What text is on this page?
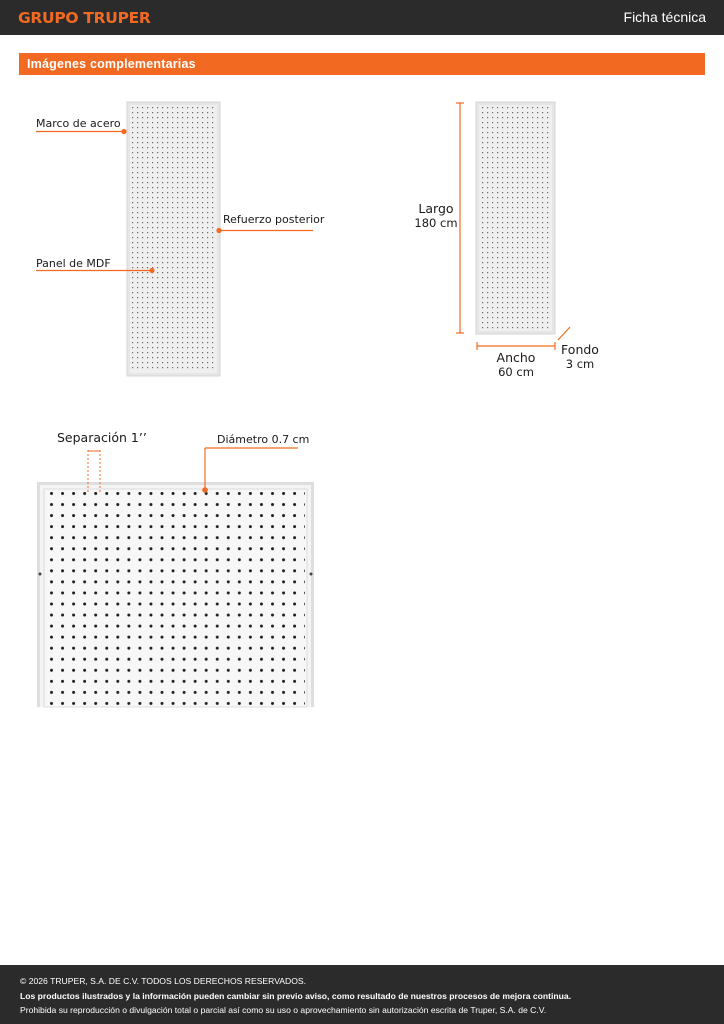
GRUPO TRUPER	Ficha técnica
Imágenes complementarias
Marco de acero
Refuerzo posterior
Panel de MDF
Largo
180 cm
Ancho
60 cm
Fondo
3 cm
Separación 1’’	Diámetro 0.7 cm

© 2026 TRUPER, S.A. DE C.V. TODOS LOS DERECHOS RESERVADOS.

Los productos ilustrados y la información pueden cambiar sin previo aviso, como resultado de nuestros procesos de mejora continua.

Prohibida su reproducción o divulgación total o parcial así como su uso o aprovechamiento sin autorización escrita de Truper, S.A. de C.V.
